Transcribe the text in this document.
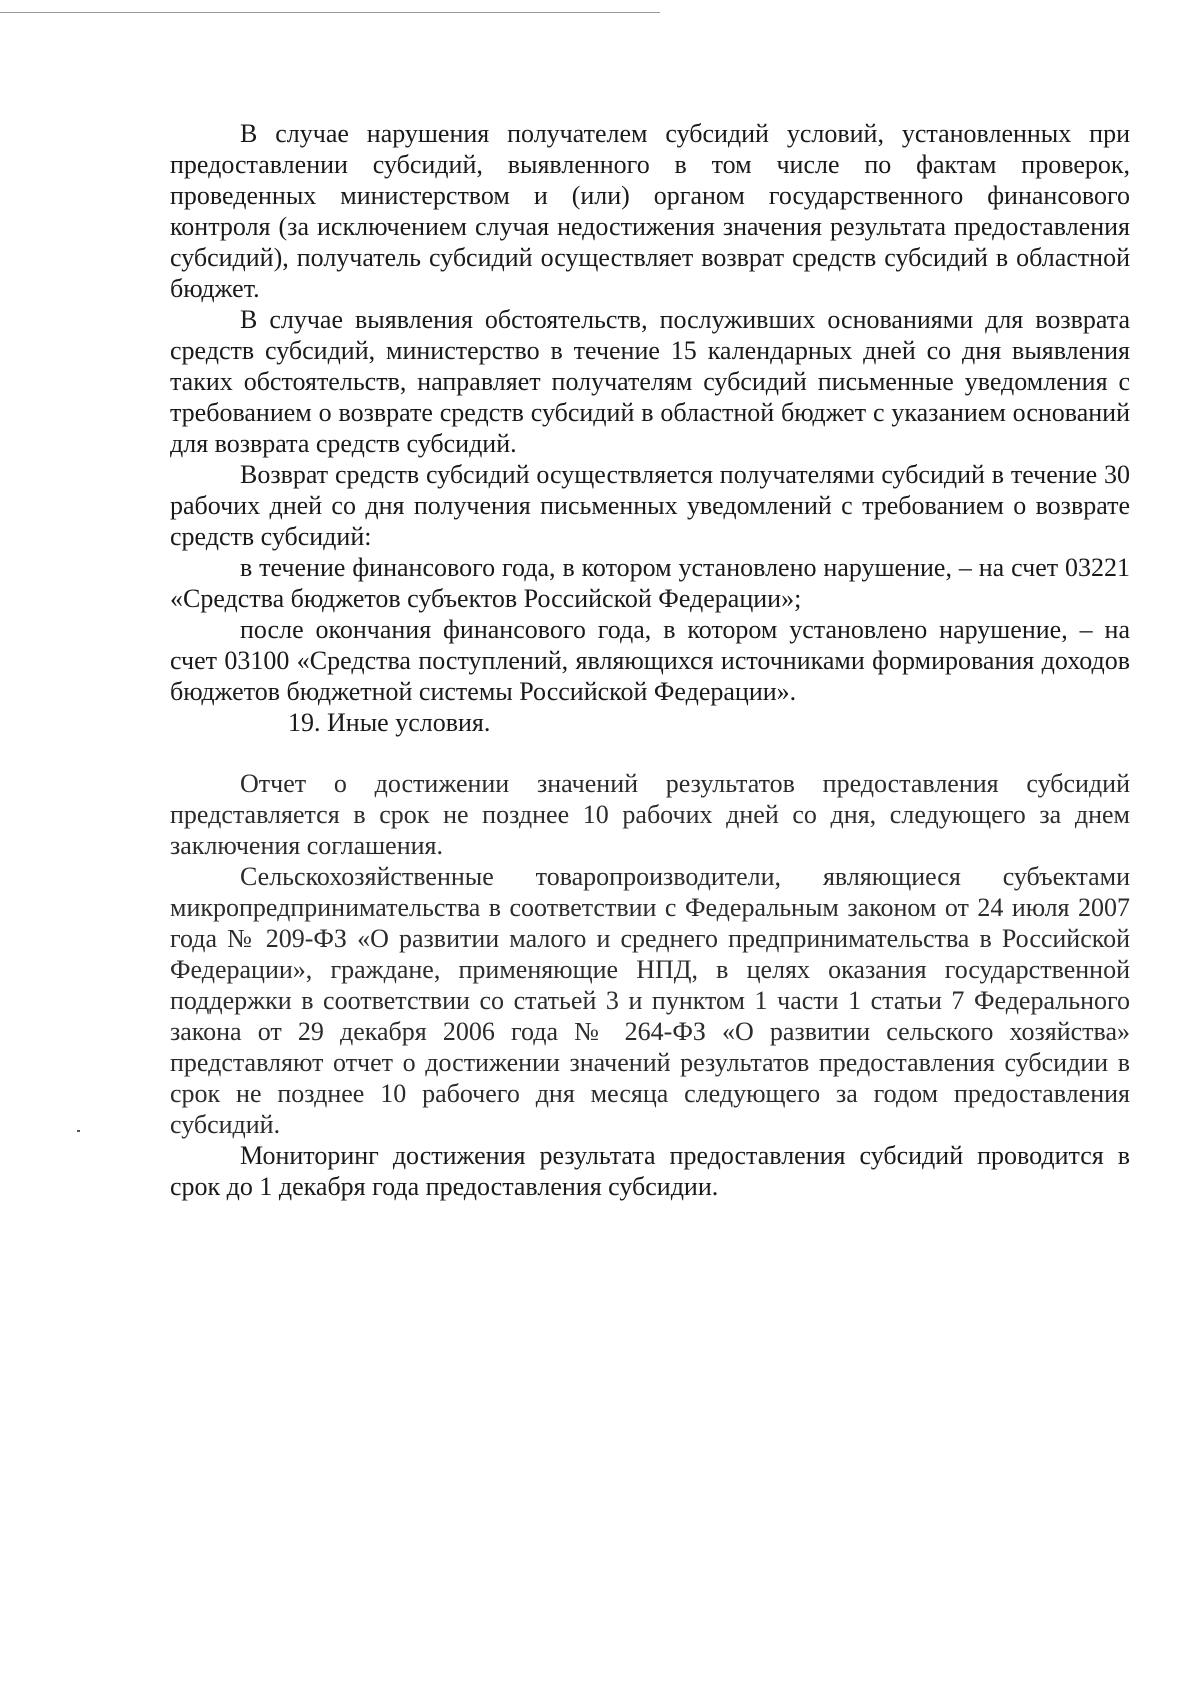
В случае нарушения получателем субсидий условий, установленных при предоставлении субсидий, выявленного в том числе по фактам проверок, проведенных министерством и (или) органом государственного финансового контроля (за исключением случая недостижения значения результата предоставления субсидий), получатель субсидий осуществляет возврат средств субсидий в областной бюджет.

В случае выявления обстоятельств, послуживших основаниями для возврата средств субсидий, министерство в течение 15 календарных дней со дня выявления таких обстоятельств, направляет получателям субсидий письменные уведомления с требованием о возврате средств субсидий в областной бюджет с указанием оснований для возврата средств субсидий.

Возврат средств субсидий осуществляется получателями субсидий в течение 30 рабочих дней со дня получения письменных уведомлений с требованием о возврате средств субсидий:

в течение финансового года, в котором установлено нарушение, – на счет 03221 «Средства бюджетов субъектов Российской Федерации»;

после окончания финансового года, в котором установлено нарушение, – на счет 03100 «Средства поступлений, являющихся источниками формирования доходов бюджетов бюджетной системы Российской Федерации».

19. Иные условия.

Отчет о достижении значений результатов предоставления субсидий представляется в срок не позднее 10 рабочих дней со дня, следующего за днем заключения соглашения.

Сельскохозяйственные товаропроизводители, являющиеся субъектами микропредпринимательства в соответствии с Федеральным законом от 24 июля 2007 года № 209-ФЗ «О развитии малого и среднего предпринимательства в Российской Федерации», граждане, применяющие НПД, в целях оказания государственной поддержки в соответствии со статьей 3 и пунктом 1 части 1 статьи 7 Федерального закона от 29 декабря 2006 года № 264-ФЗ «О развитии сельского хозяйства» представляют отчет о достижении значений результатов предоставления субсидии в срок не позднее 10 рабочего дня месяца следующего за годом предоставления субсидий.

Мониторинг достижения результата предоставления субсидий проводится в срок до 1 декабря года предоставления субсидии.
